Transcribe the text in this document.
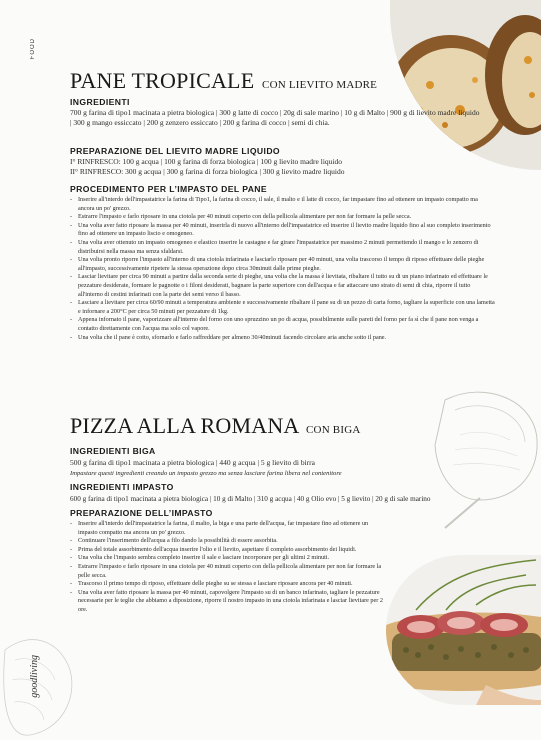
FOOD
goodliving
PANE TROPICALE CON LIEVITO MADRE
INGREDIENTI
700 g farina di tipo1 macinata a pietra biologica | 300 g latte di cocco | 20g di sale marino | 10 g di Malto | 900 g di lievito madre liquido | 300 g mango essiccato | 200 g zenzero essiccato | 200 g farina di cocco | semi di chia.
PREPARAZIONE DEL LIEVITO MADRE LIQUIDO
I° RINFRESCO: 100 g acqua | 100 g farina di forza biologica | 100 g lievito madre liquido
II° RINFRESCO: 300 g acqua | 300 g farina di forza biologica | 300 g lievito madre liquido
PROCEDIMENTO PER L’IMPASTO DEL PANE
- Inserire all'interdo dell'impastatrice la farina di Tipo1, la farina di cocco, il sale, il malto e il latte di cocco, far impastare fino ad ottenere un impasto compatto ma ancora un po' grezzo.
- Estrarre l'impasto e farlo riposare in una ciotola per 40 minuti coperto con della pellicola alimentare per non far formare la pelle secca.
- Una volta aver fatto riposare la massa per 40 minuti, inserirla di nuovo all'interno dell'impastatrice ed inserire il lievito madre liquido fino al suo completo inserimento fino ad ottenere un impasto liscio e omogeneo.
- Una volta aver ottenuto un impasto omogeneo e elastico inserire le castagne e far girare l'impastatrice per massimo 2 minuti permettendo il mango e lo zenzero di distribuirsi nella massa ma senza sfaldarsi.
- Una volta pronto riporre l'impasto all'interno di una ciotola infarinata e lasciarlo riposare per 40 minuti, una volta trascorso il tempo di riposo effettuare delle pieghe all'impasto, successivamente ripetere la stessa operazione dopo circa 30minuti dalle prime pieghe.
- Lasciar lievitare per circa 90 minuti a partire dalla seconda serie di pieghe, una volta che la massa è lievitata, ribaltare il tutto su di un piano infarinato ed effettuare le pezzature desiderate, formare le pagnotte o i filoni desiderati, bagnare la parte superiore con dell'acqua e far attaccare uno strato di semi di chia, riporre il tutto all'interno di cestini infarinati con la parte dei semi verso il basso.
- Lasciare a lievitare per circa 60/90 minuti a temperatura ambiente e successivamente ribaltare il pane su di un pezzo di carta forno, tagliare la superficie con una lametta e infornare a 200°C per circa 50 minuti per pezzature di 1kg.
- Appena infornato il pane, vaporizzare all'interno del forno con uno spruzzino un po di acqua, possibilmente sulle pareti del forno per fa sì che il pane non venga a contatto direttamente con l'acqua ma solo col vapore.
- Una volta che il pane è cotto, sfornarlo e farlo raffreddare per almeno 30/40minuti facendo circolare aria anche sotto il pane.
PIZZA ALLA ROMANA CON BIGA
INGREDIENTI BIGA
500 g farina di tipo1 macinata a pietra biologica | 440 g acqua | 5 g lievito di birra
Impastare questi ingredienti creando un impasto grezzo ma senza lasciare farina libera nel contenitore
INGREDIENTI IMPASTO
600 g farina di tipo1 macinata a pietra biologica | 10 g di Malto | 310 g acqua | 40 g Olio evo | 5 g lievito | 20 g di sale marino
PREPARAZIONE DELL’IMPASTO
- Inserire all'interdo dell'impastatrice la farina, il malto, la biga e una parte dell'acqua, far impastare fino ad ottenere un impasto compatto ma ancora un po' grezzo.
- Continuare l'inserimento dell'acqua a filo dando la possibilità di essere assorbita.
- Prima del totale assorbimento dell'acqua inserire l'olio e il lievito, aspettare il completo assorbimento dei liquidi.
- Una volta che l'impasto sembra completo inserire il sale e lasciare incorporare per gli ultimi 2 minuti.
- Estrarre l'impasto e farlo riposare in una ciotola per 40 minuti coperto con della pellicola alimentare per non far formare la pelle secca.
- Trascorso il primo tempo di riposo, effettuare delle pieghe su se stessa e lasciare riposare ancora per 40 minuti.
- Una volta aver fatto riposare la massa per 40 minuti, capovolgere l'impasto su di un banco infarinato, tagliare le pezzature necessarie per le teglie che abbiamo a diposizione, riporre il nostro impasto in una ciotola infarinata e lasciar lievitare per 2 ore.
